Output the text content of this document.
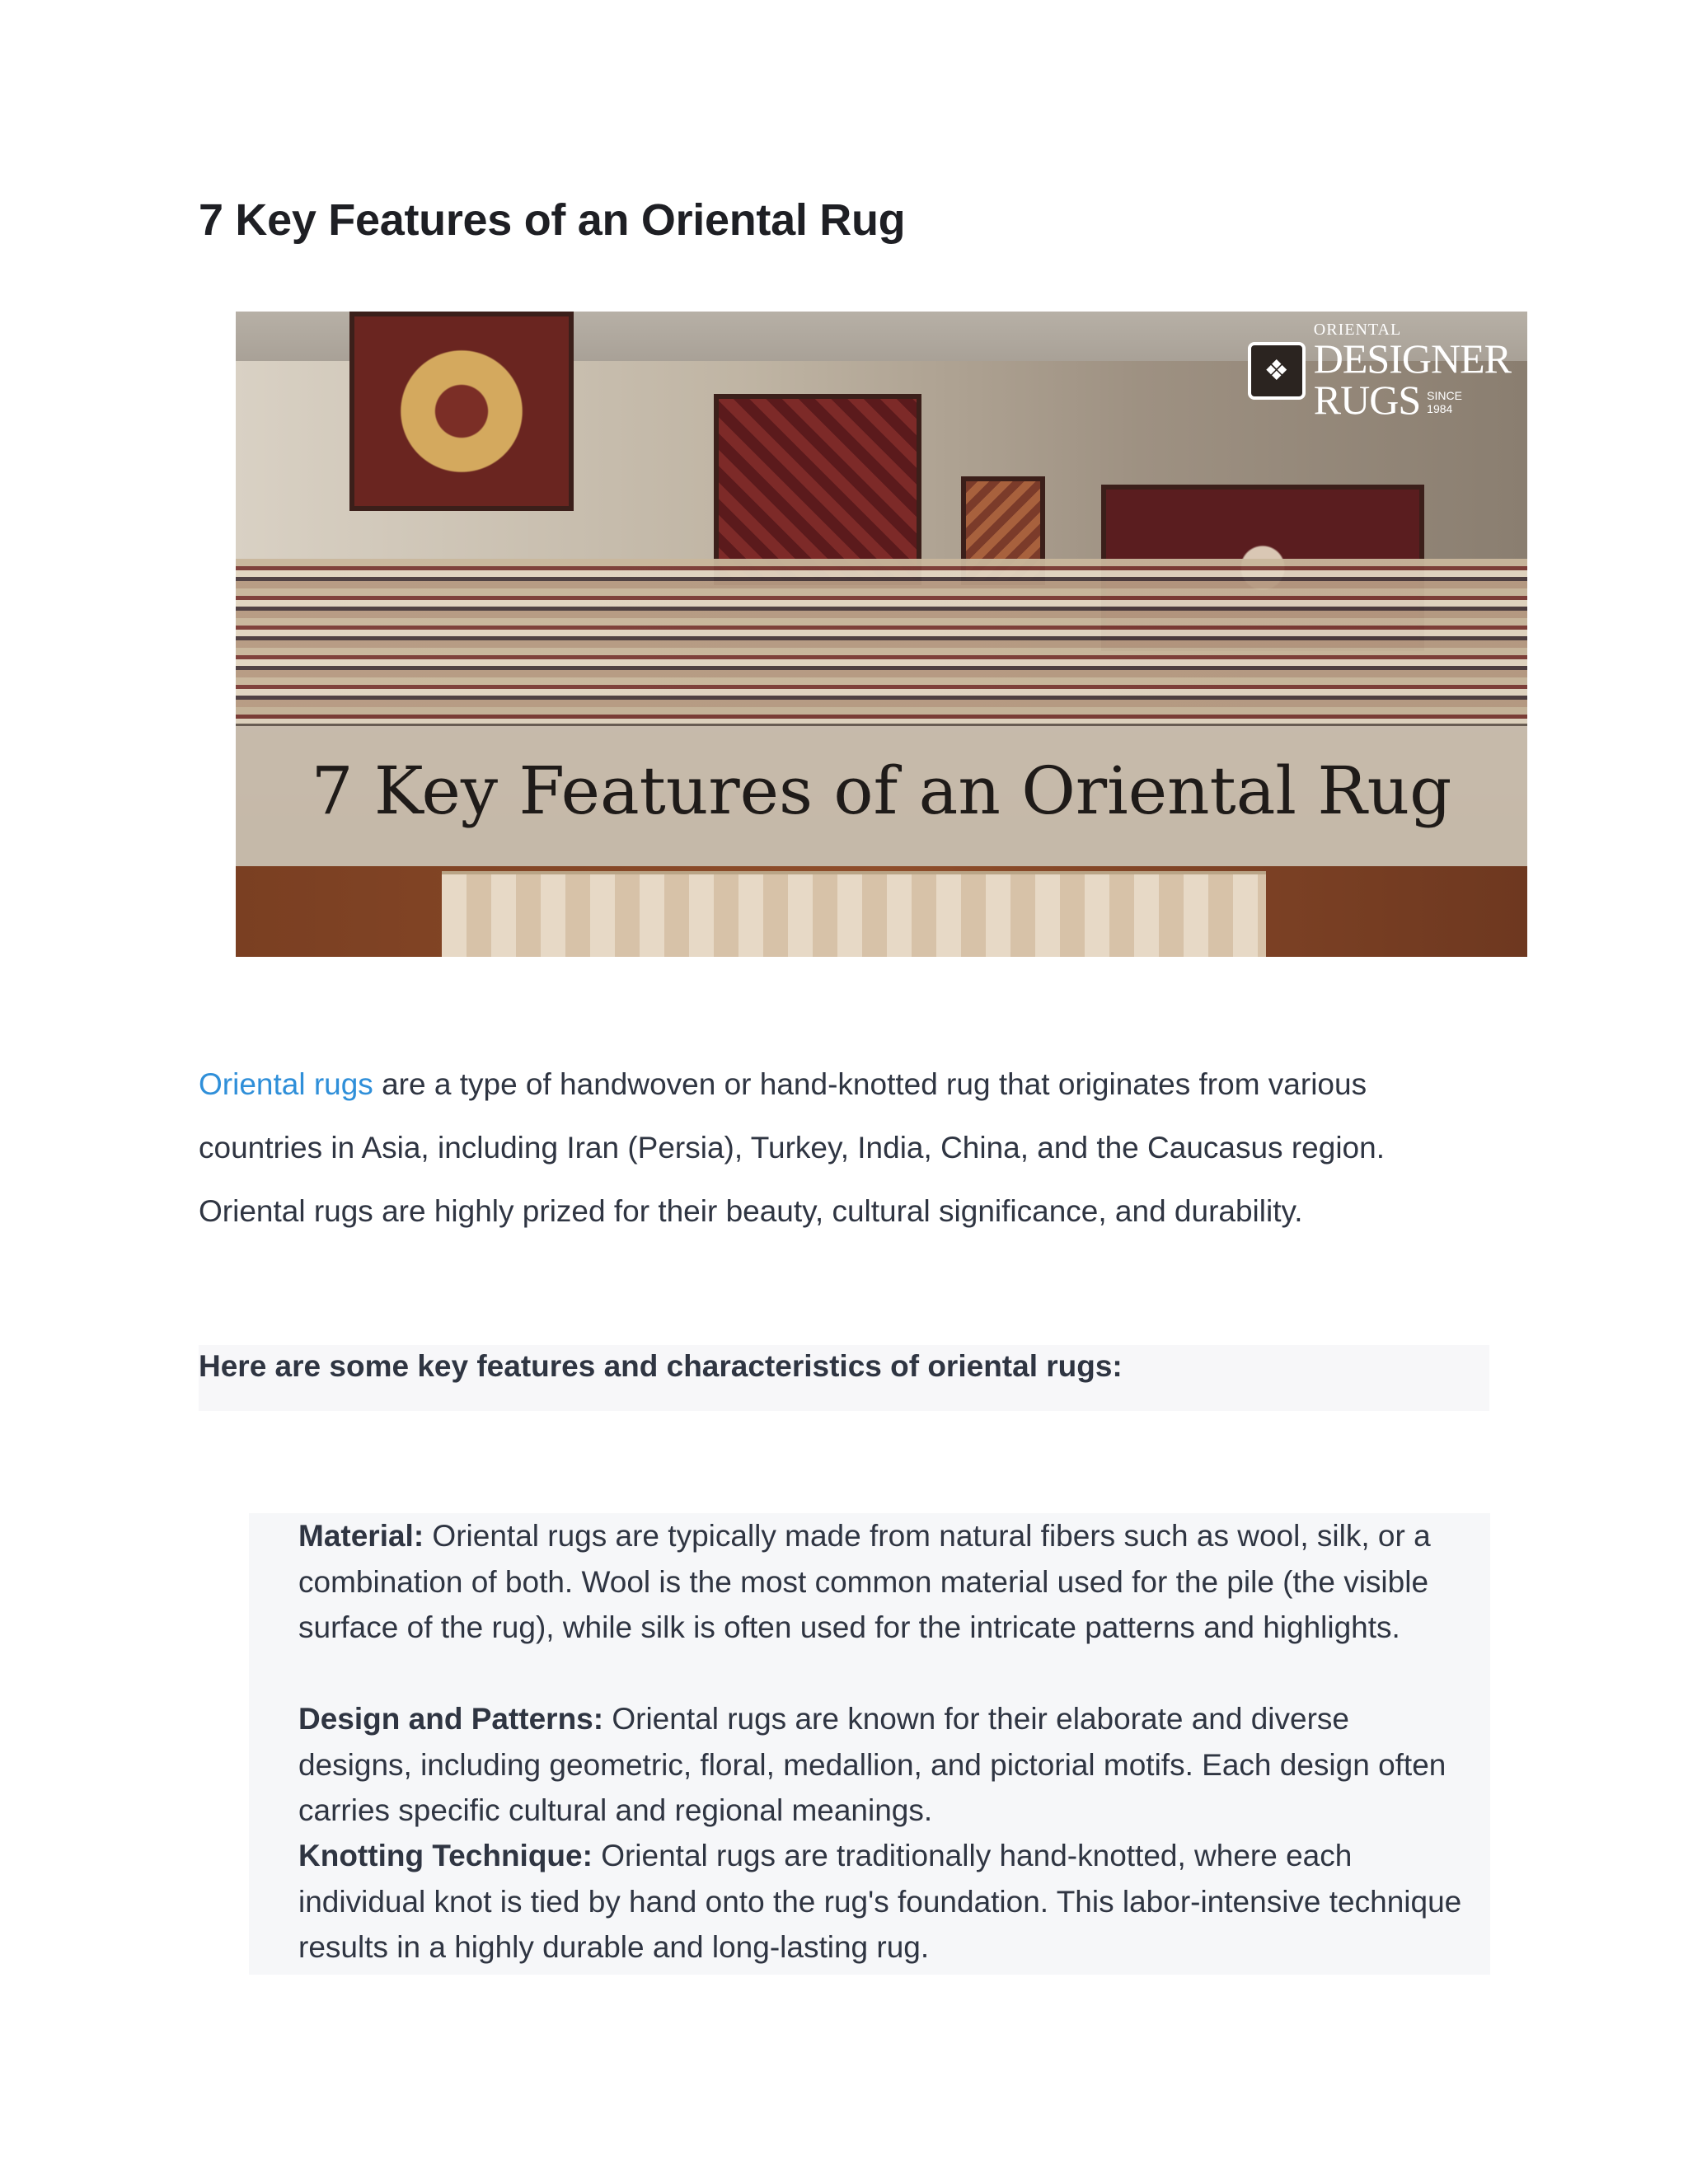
7 Key Features of an Oriental Rug
7 Key Features of an Oriental Rug
❖
ORIENTAL
DESIGNER
RUGS SINCE
1984

Oriental rugs are a type of handwoven or hand-knotted rug that originates from various countries in Asia, including Iran (Persia), Turkey, India, China, and the Caucasus region. Oriental rugs are highly prized for their beauty, cultural significance, and durability.

Here are some key features and characteristics of oriental rugs:
Material: Oriental rugs are typically made from natural fibers such as wool, silk, or a combination of both. Wool is the most common material used for the pile (the visible surface of the rug), while silk is often used for the intricate patterns and highlights.
Design and Patterns: Oriental rugs are known for their elaborate and diverse designs, including geometric, floral, medallion, and pictorial motifs. Each design often carries specific cultural and regional meanings.
Knotting Technique: Oriental rugs are traditionally hand-knotted, where each individual knot is tied by hand onto the rug's foundation. This labor-intensive technique results in a highly durable and long-lasting rug.
